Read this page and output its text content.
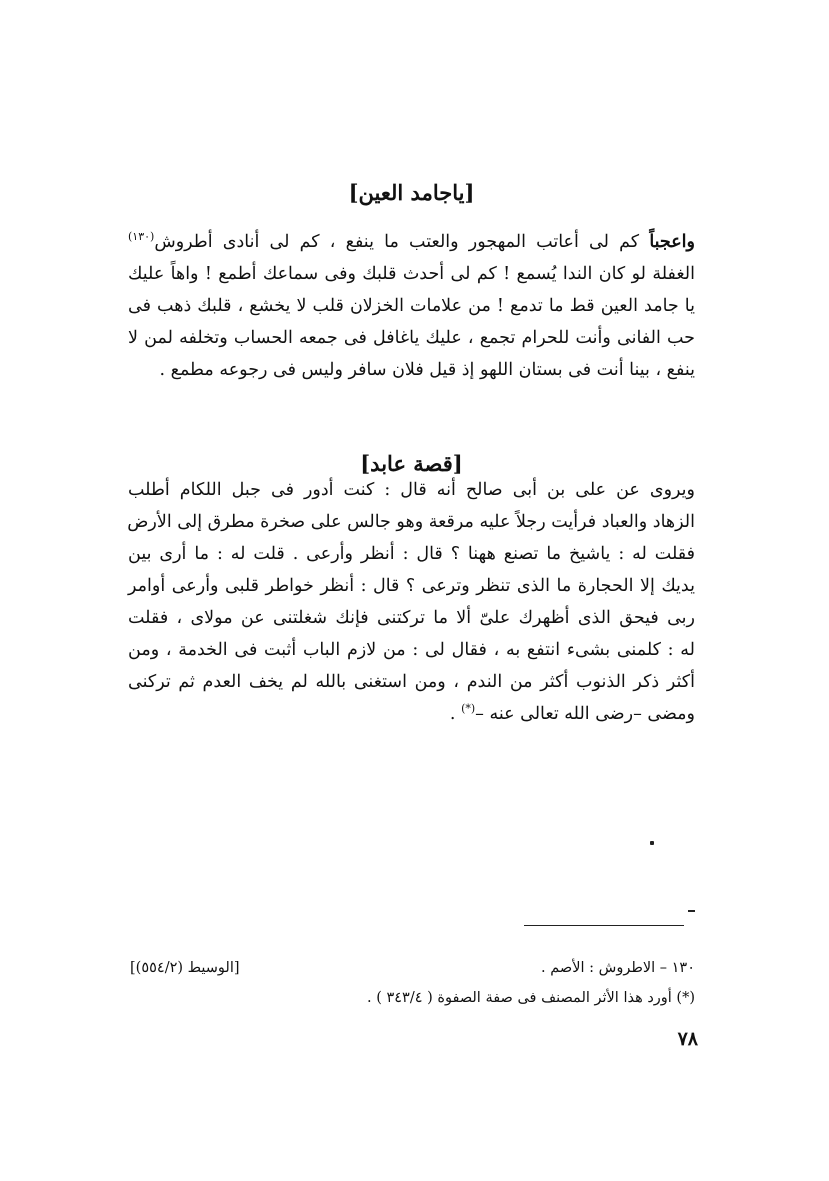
[ياجامد العين]
واعجباً كم لى أعاتب المهجور والعتب ما ينفع ، كم لى أنادى أطروش$^{(١٣٠)}$
الغفلة لو كان الندا يُسمع ! كم لى أحدث قلبك وفى سماعك أطمع ! واهاً عليك
يا جامد العين قط ما تدمع ! من علامات الخزلان قلب لا يخشع ، قلبك ذهب فى
حب الفانى وأنت للحرام تجمع ، عليك ياغافل فى جمعه الحساب وتخلفه لمن لا
ينفع ، بينا أنت فى بستان اللهو إذ قيل فلان سافر وليس فى رجوعه مطمع .
[قصة عابد]
ويروى عن على بن أبى صالح أنه قال : كنت أدور فى جبل اللكام أطلب
الزهاد والعباد فرأيت رجلاً عليه مرقعة وهو جالس على صخرة مطرق إلى الأرض
فقلت له : ياشيخ ما تصنع ههنا ؟ قال : أنظر وأرعى . قلت له : ما أرى بين
يديك إلا الحجارة ما الذى تنظر وترعى ؟ قال : أنظر خواطر قلبى وأرعى أوامر
ربى فيحق الذى أظهرك علىّ ألا ما تركتنى فإنك شغلتنى عن مولاى ، فقلت
له : كلمنى بشىء انتفع به ، فقال لى : من لازم الباب أثبت فى الخدمة ، ومن
أكثر ذكر الذنوب أكثر من الندم ، ومن استغنى بالله لم يخف العدم ثم تركنى
ومضى –رضى الله تعالى عنه –(*) .
١٣٠ – الاطروش : الأصم .
[الوسيط (٥٥٤/٢)]
(*) أورد هذا الأثر المصنف فى صفة الصفوة ( ٣٤٣/٤ ) .
٧٨
